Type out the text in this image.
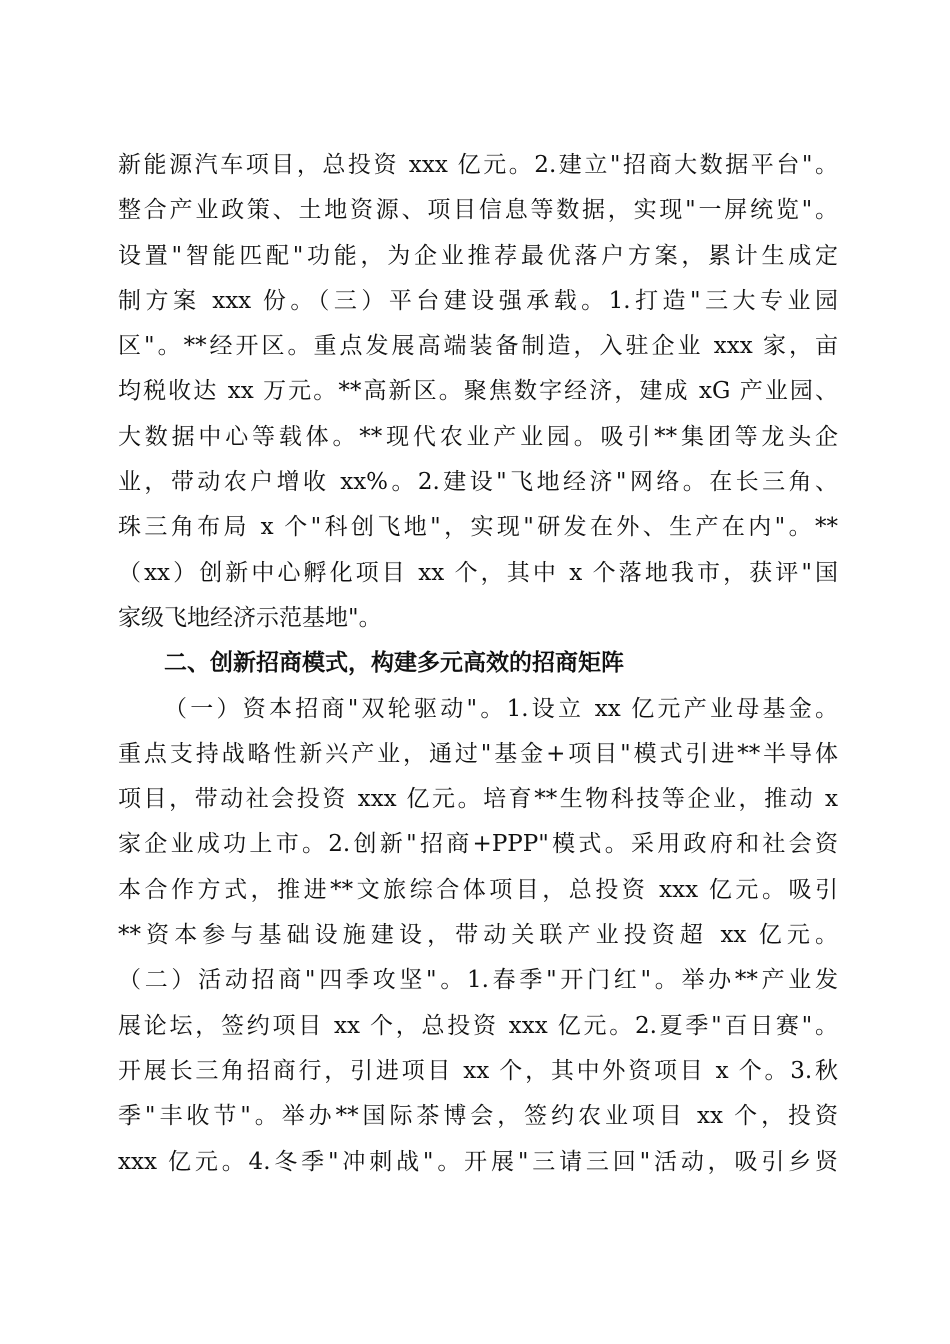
新能源汽车项目，总投资 xxx 亿元。2.建立"招商大数据平台"。
整合产业政策、土地资源、项目信息等数据，实现"一屏统览"。
设置"智能匹配"功能，为企业推荐最优落户方案，累计生成定
制方案 xxx 份。（三）平台建设强承载。1.打造"三大专业园
区"。**经开区。重点发展高端装备制造，入驻企业 xxx 家，亩
均税收达 xx 万元。**高新区。聚焦数字经济，建成 xG 产业园、
大数据中心等载体。**现代农业产业园。吸引**集团等龙头企
业，带动农户增收 xx%。2.建设"飞地经济"网络。在长三角、
珠三角布局 x 个"科创飞地"，实现"研发在外、生产在内"。**
（xx）创新中心孵化项目 xx 个，其中 x 个落地我市，获评"国
家级飞地经济示范基地"。
二、创新招商模式，构建多元高效的招商矩阵
（一）资本招商"双轮驱动"。1.设立 xx 亿元产业母基金。
重点支持战略性新兴产业，通过"基金+项目"模式引进**半导体
项目，带动社会投资 xxx 亿元。培育**生物科技等企业，推动 x
家企业成功上市。2.创新"招商+PPP"模式。采用政府和社会资
本合作方式，推进**文旅综合体项目，总投资 xxx 亿元。吸引
**资本参与基础设施建设，带动关联产业投资超 xx 亿元。
（二）活动招商"四季攻坚"。1.春季"开门红"。举办**产业发
展论坛，签约项目 xx 个，总投资 xxx 亿元。2.夏季"百日赛"。
开展长三角招商行，引进项目 xx 个，其中外资项目 x 个。3.秋
季"丰收节"。举办**国际茶博会，签约农业项目 xx 个，投资
xxx 亿元。4.冬季"冲刺战"。开展"三请三回"活动，吸引乡贤
